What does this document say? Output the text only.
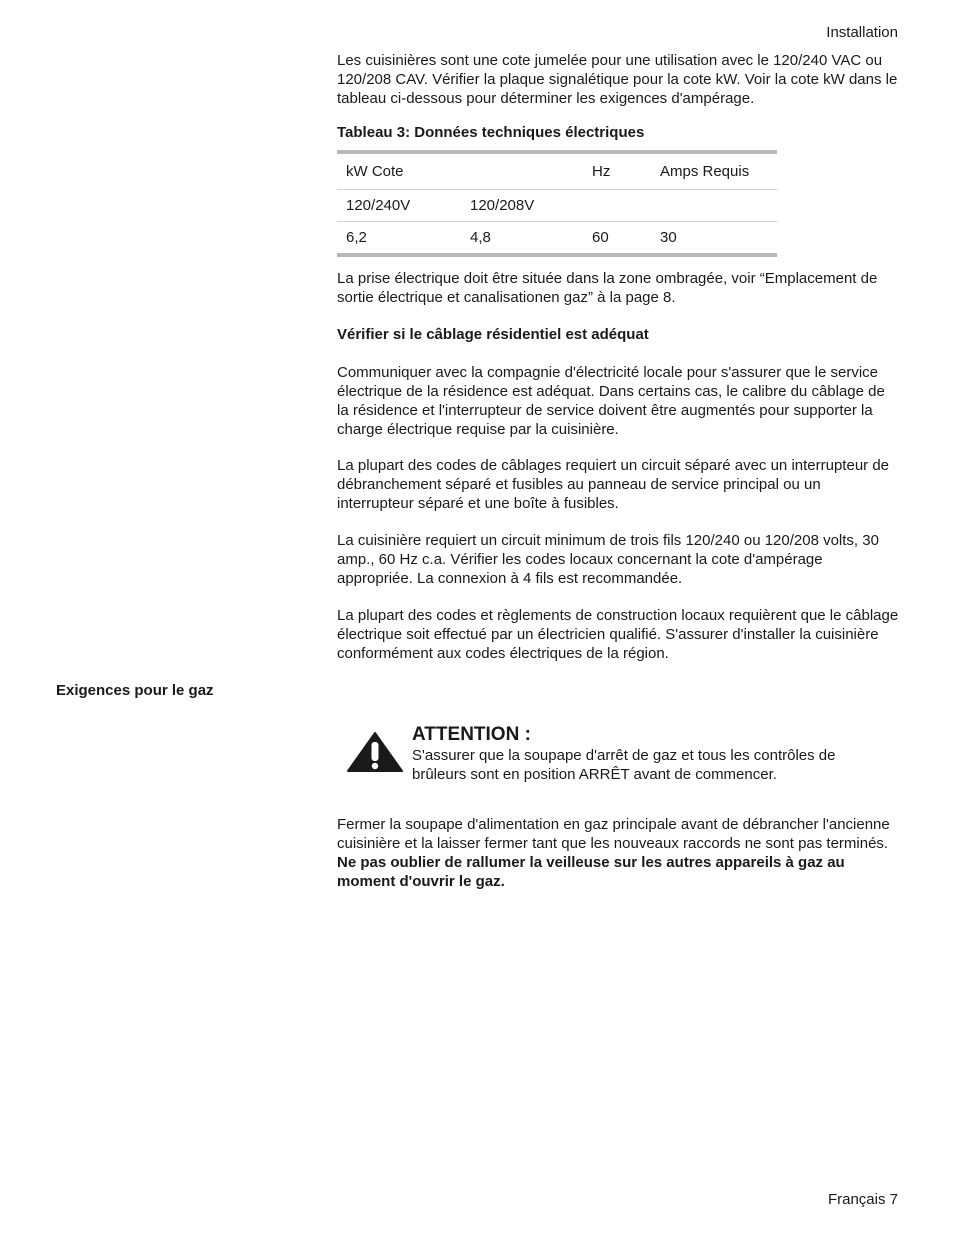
Installation

Les cuisinières sont une cote jumelée pour une utilisation avec le 120/240 VAC ou 120/208 CAV. Vérifier la plaque signalétique pour la cote kW. Voir la cote kW dans le tableau ci-dessous pour déterminer les exigences d'ampérage.

Tableau 3: Données techniques électriques
kW Cote		Hz	Amps Requis
120/240V	120/208V		
6,2	4,8	60	30

La prise électrique doit être située dans la zone ombragée, voir “Emplacement de sortie électrique et canalisationen gaz” à la page 8.

Vérifier si le câblage résidentiel est adéquat

Communiquer avec la compagnie d'électricité locale pour s'assurer que le service électrique de la résidence est adéquat. Dans certains cas, le calibre du câblage de la résidence et l'interrupteur de service doivent être augmentés pour supporter la charge électrique requise par la cuisinière.

La plupart des codes de câblages requiert un circuit séparé avec un interrupteur de débranchement séparé et fusibles au panneau de service principal ou un interrupteur séparé et une boîte à fusibles.

La cuisinière requiert un circuit minimum de trois fils 120/240 ou 120/208 volts, 30 amp., 60 Hz c.a. Vérifier les codes locaux concernant la cote d'ampérage appropriée. La connexion à 4 fils est recommandée.

La plupart des codes et règlements de construction locaux requièrent que le câblage électrique soit effectué par un électricien qualifié. S'assurer d'installer la cuisinière conformément aux codes électriques de la région.

Exigences pour le gaz
ATTENTION :

S'assurer que la soupape d'arrêt de gaz et tous les contrôles de brûleurs sont en position ARRÊT avant de commencer.

Fermer la soupape d'alimentation en gaz principale avant de débrancher l'ancienne cuisinière et la laisser fermer tant que les nouveaux raccords ne sont pas terminés. Ne pas oublier de rallumer la veilleuse sur les autres appareils à gaz au moment d'ouvrir le gaz.

Français 7
